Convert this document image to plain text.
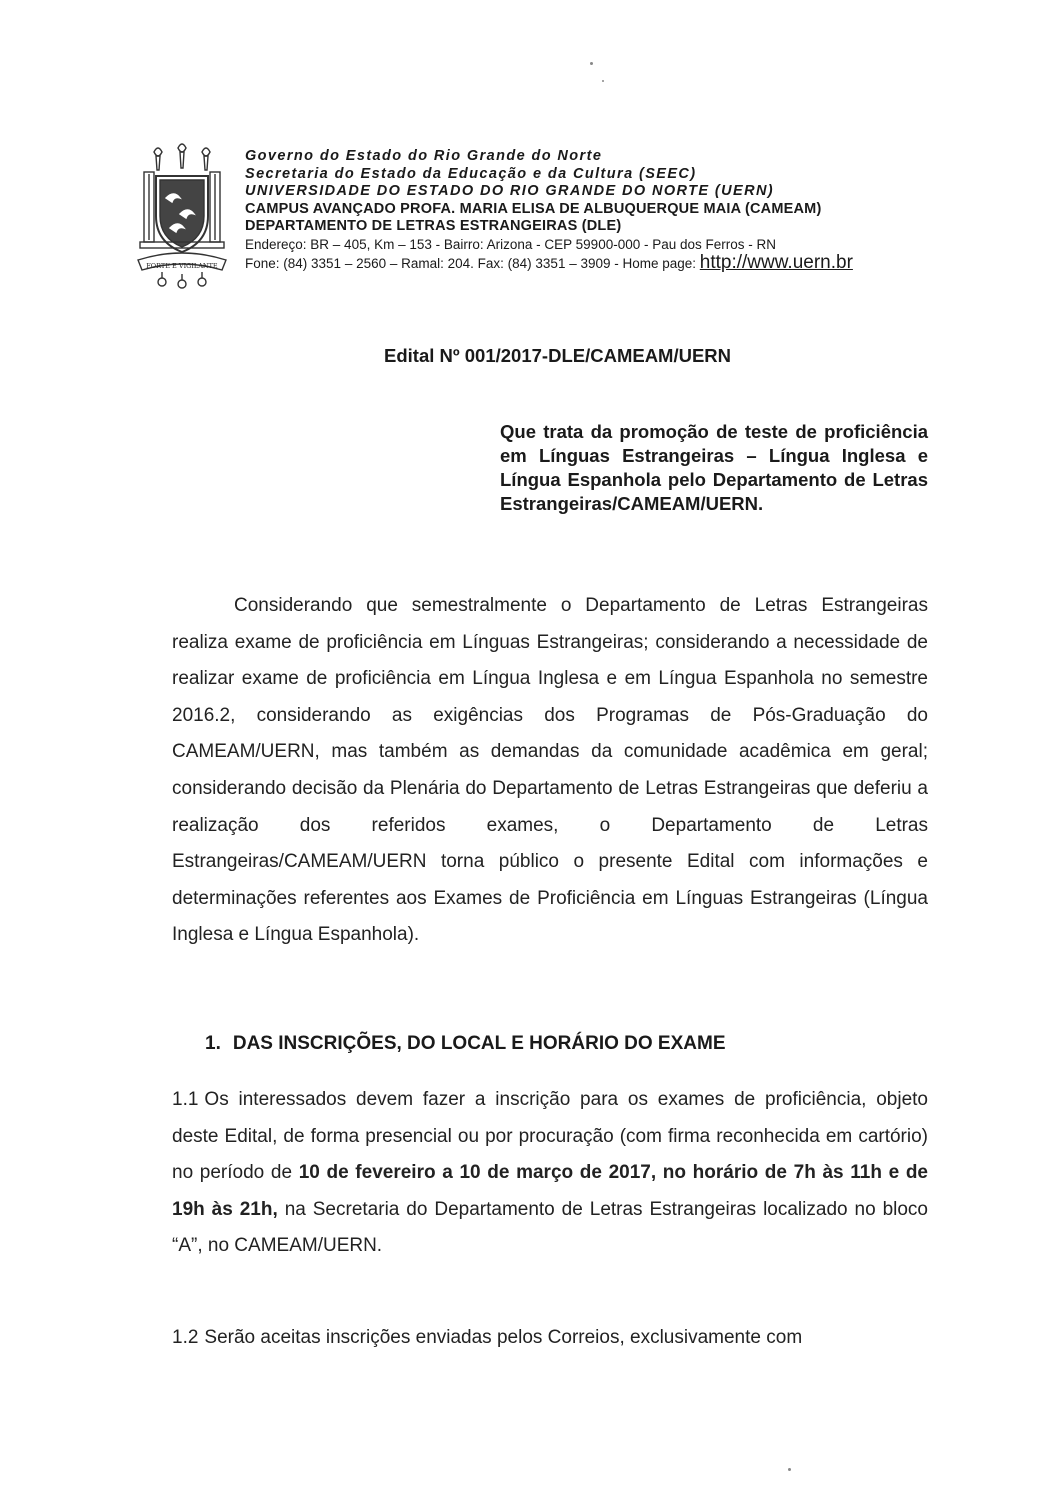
FORTE E VIGILANTE
Governo do Estado do Rio Grande do Norte
Secretaria do Estado da Educação e da Cultura (SEEC)
UNIVERSIDADE DO ESTADO DO RIO GRANDE DO NORTE (UERN)
CAMPUS AVANÇADO PROFA. MARIA ELISA DE ALBUQUERQUE MAIA (CAMEAM)
DEPARTAMENTO DE LETRAS ESTRANGEIRAS (DLE)
Endereço: BR – 405, Km – 153 - Bairro: Arizona - CEP 59900-000 - Pau dos Ferros - RN
Fone: (84) 3351 – 2560 – Ramal: 204. Fax: (84) 3351 – 3909 - Home page: http://www.uern.br
Edital Nº 001/2017-DLE/CAMEAM/UERN
Que trata da promoção de teste de proficiência em Línguas Estrangeiras – Língua Inglesa e Língua Espanhola pelo Departamento de Letras Estrangeiras/CAMEAM/UERN.
Considerando que semestralmente o Departamento de Letras Estrangeiras realiza exame de proficiência em Línguas Estrangeiras; considerando a necessidade de realizar exame de proficiência em Língua Inglesa e em Língua Espanhola no semestre 2016.2, considerando as exigências dos Programas de Pós-Graduação do CAMEAM/UERN, mas também as demandas da comunidade acadêmica em geral; considerando decisão da Plenária do Departamento de Letras Estrangeiras que deferiu a realização dos referidos exames, o Departamento de Letras Estrangeiras/CAMEAM/UERN torna público o presente Edital com informações e determinações referentes aos Exames de Proficiência em Línguas Estrangeiras (Língua Inglesa e Língua Espanhola).
1. DAS INSCRIÇÕES, DO LOCAL E HORÁRIO DO EXAME
1.1 Os interessados devem fazer a inscrição para os exames de proficiência, objeto deste Edital, de forma presencial ou por procuração (com firma reconhecida em cartório) no período de 10 de fevereiro a 10 de março de 2017, no horário de 7h às 11h e de 19h às 21h, na Secretaria do Departamento de Letras Estrangeiras localizado no bloco “A”, no CAMEAM/UERN.
1.2 Serão aceitas inscrições enviadas pelos Correios, exclusivamente com
